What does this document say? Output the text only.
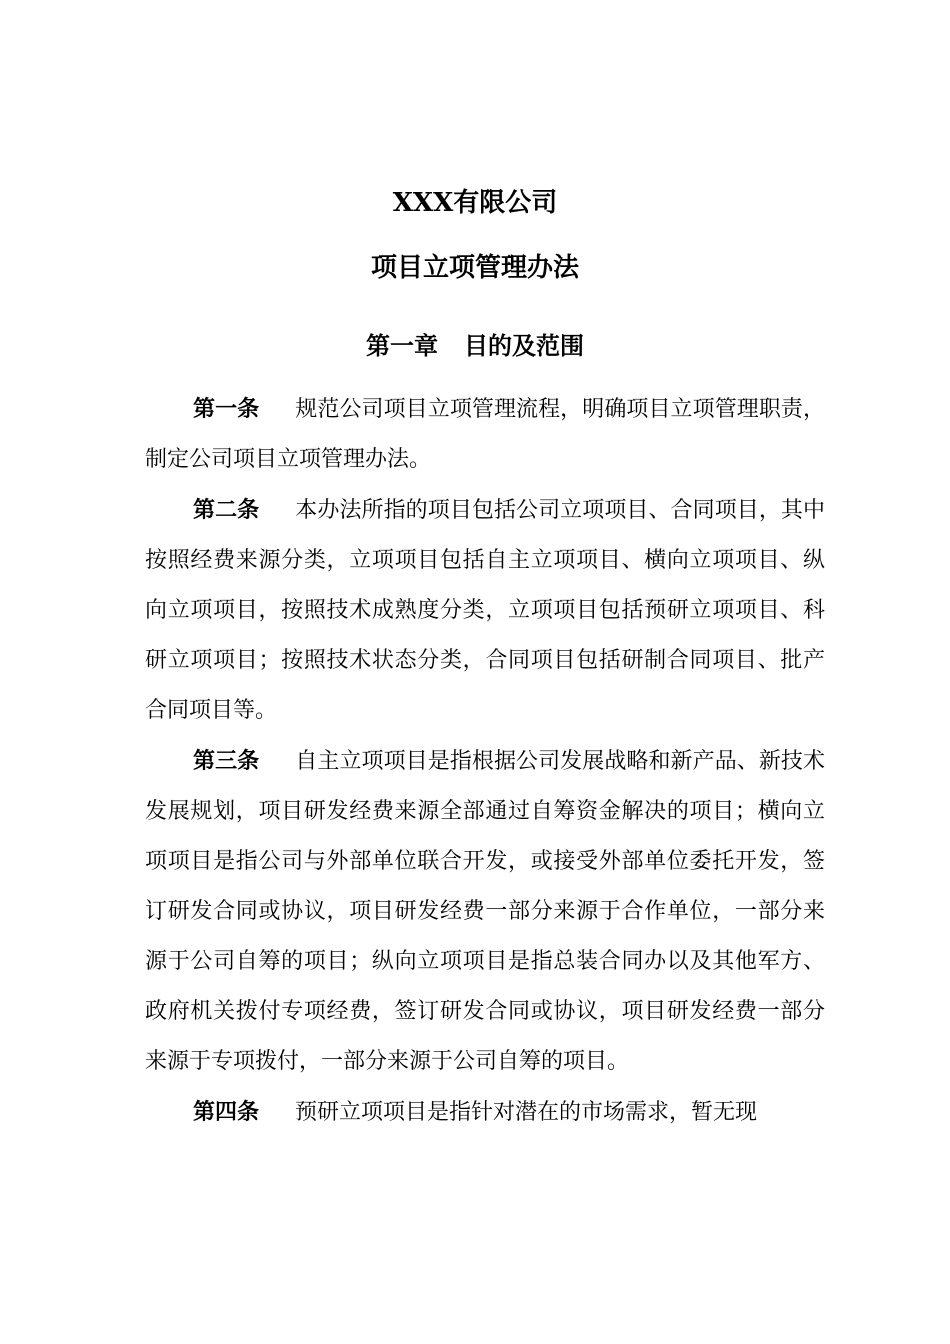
XXX有限公司
项目立项管理办法
第一章 目的及范围

第一条 规范公司项目立项管理流程，明确项目立项管理职责，制定公司项目立项管理办法。

第二条 本办法所指的项目包括公司立项项目、合同项目，其中按照经费来源分类，立项项目包括自主立项项目、横向立项项目、纵向立项项目，按照技术成熟度分类，立项项目包括预研立项项目、科研立项项目；按照技术状态分类，合同项目包括研制合同项目、批产合同项目等。

第三条 自主立项项目是指根据公司发展战略和新产品、新技术发展规划，项目研发经费来源全部通过自筹资金解决的项目；横向立项项目是指公司与外部单位联合开发，或接受外部单位委托开发，签订研发合同或协议，项目研发经费一部分来源于合作单位，一部分来源于公司自筹的项目；纵向立项项目是指总装合同办以及其他军方、政府机关拨付专项经费，签订研发合同或协议，项目研发经费一部分来源于专项拨付，一部分来源于公司自筹的项目。

第四条 预研立项项目是指针对潜在的市场需求，暂无现
